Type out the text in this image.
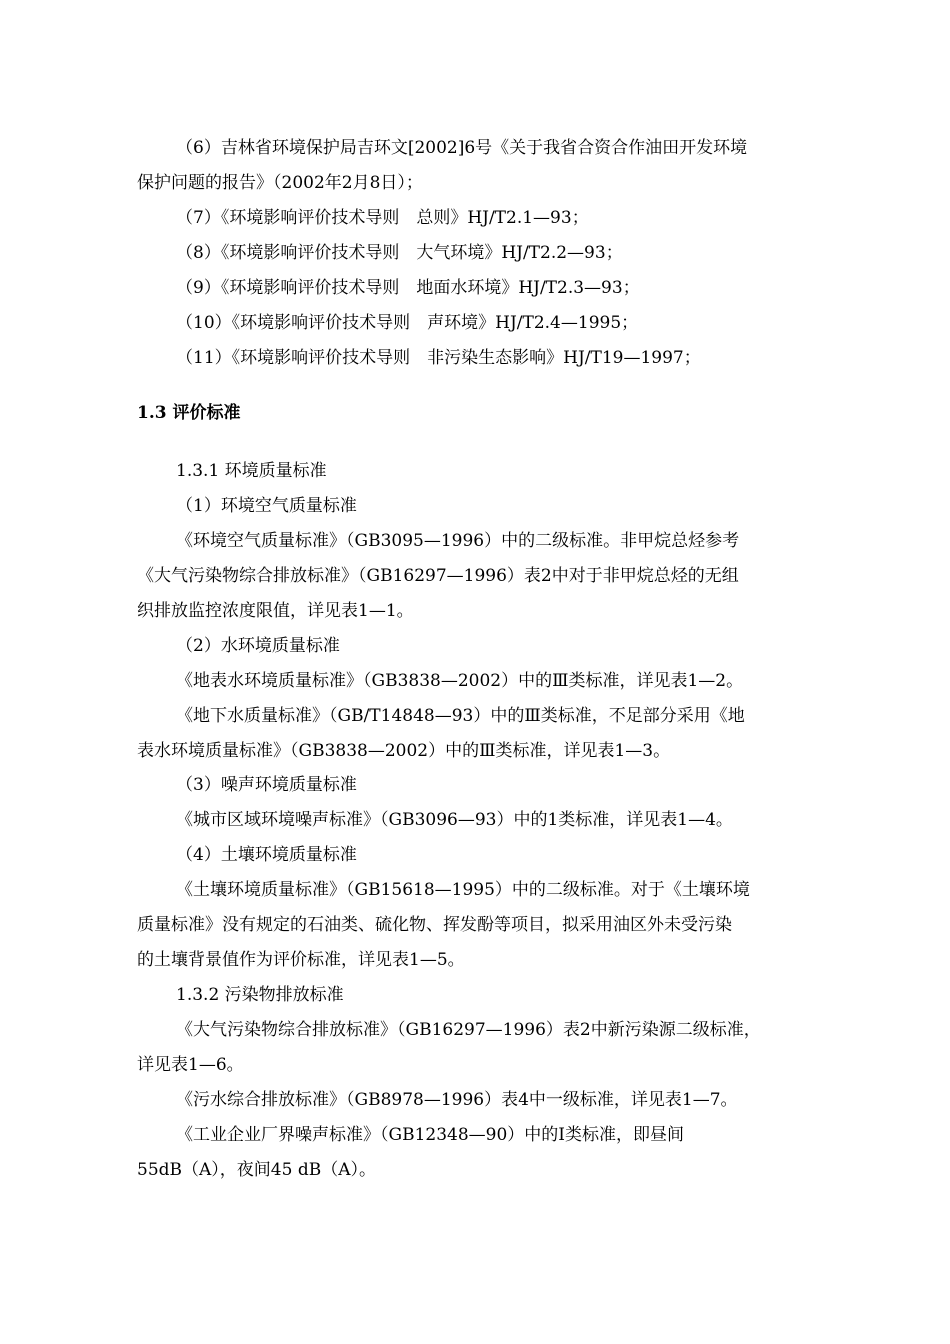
（6）吉林省环境保护局吉环文[2002]6号《关于我省合资合作油田开发环境
保护问题的报告》（2002年2月8日）；
（7）《环境影响评价技术导则　总则》HJ/T2.1—93；
（8）《环境影响评价技术导则　大气环境》HJ/T2.2—93；
（9）《环境影响评价技术导则　地面水环境》HJ/T2.3—93；
（10）《环境影响评价技术导则　声环境》HJ/T2.4—1995；
（11）《环境影响评价技术导则　非污染生态影响》HJ/T19—1997；
1.3 评价标准
1.3.1 环境质量标准
（1）环境空气质量标准
《环境空气质量标准》（GB3095—1996）中的二级标准。非甲烷总烃参考
《大气污染物综合排放标准》（GB16297—1996）表2中对于非甲烷总烃的无组
织排放监控浓度限值，详见表1—1。
（2）水环境质量标准
《地表水环境质量标准》（GB3838—2002）中的Ⅲ类标准，详见表1—2。
《地下水质量标准》（GB/T14848—93）中的Ⅲ类标准，不足部分采用《地
表水环境质量标准》（GB3838—2002）中的Ⅲ类标准，详见表1—3。
（3）噪声环境质量标准
《城市区域环境噪声标准》（GB3096—93）中的1类标准，详见表1—4。
（4）土壤环境质量标准
《土壤环境质量标准》（GB15618—1995）中的二级标准。对于《土壤环境
质量标准》没有规定的石油类、硫化物、挥发酚等项目，拟采用油区外未受污染
的土壤背景值作为评价标准，详见表1—5。
1.3.2 污染物排放标准
《大气污染物综合排放标准》（GB16297—1996）表2中新污染源二级标准，
详见表1—6。
《污水综合排放标准》（GB8978—1996）表4中一级标准，详见表1—7。
《工业企业厂界噪声标准》（GB12348—90）中的Ⅰ类标准，即昼间
55dB（A），夜间45 dB（A）。
